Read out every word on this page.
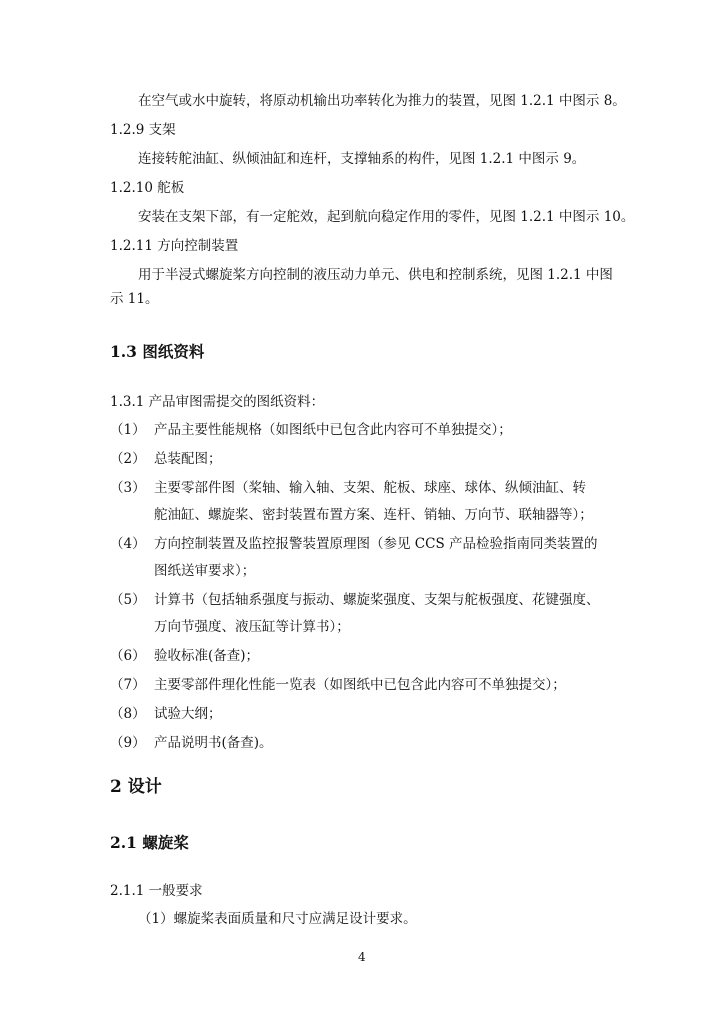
在空气或水中旋转，将原动机输出功率转化为推力的装置，见图 1.2.1 中图示 8。
1.2.9 支架
连接转舵油缸、纵倾油缸和连杆，支撑轴系的构件，见图 1.2.1 中图示 9。
1.2.10 舵板
安装在支架下部，有一定舵效，起到航向稳定作用的零件，见图 1.2.1 中图示 10。
1.2.11 方向控制装置
用于半浸式螺旋桨方向控制的液压动力单元、供电和控制系统，见图 1.2.1 中图
示 11。
1.3 图纸资料
1.3.1 产品审图需提交的图纸资料：
（1） 产品主要性能规格（如图纸中已包含此内容可不单独提交）；
（2） 总装配图；
（3） 主要零部件图（桨轴、输入轴、支架、舵板、球座、球体、纵倾油缸、转
舵油缸、螺旋桨、密封装置布置方案、连杆、销轴、万向节、联轴器等）；
（4） 方向控制装置及监控报警装置原理图（参见 CCS 产品检验指南同类装置的
图纸送审要求）；
（5） 计算书（包括轴系强度与振动、螺旋桨强度、支架与舵板强度、花键强度、
万向节强度、液压缸等计算书）；
（6） 验收标准(备查)；
（7） 主要零部件理化性能一览表（如图纸中已包含此内容可不单独提交）；
（8） 试验大纲；
（9） 产品说明书(备查)。
2 设计
2.1 螺旋桨
2.1.1 一般要求
（1）螺旋桨表面质量和尺寸应满足设计要求。
4
